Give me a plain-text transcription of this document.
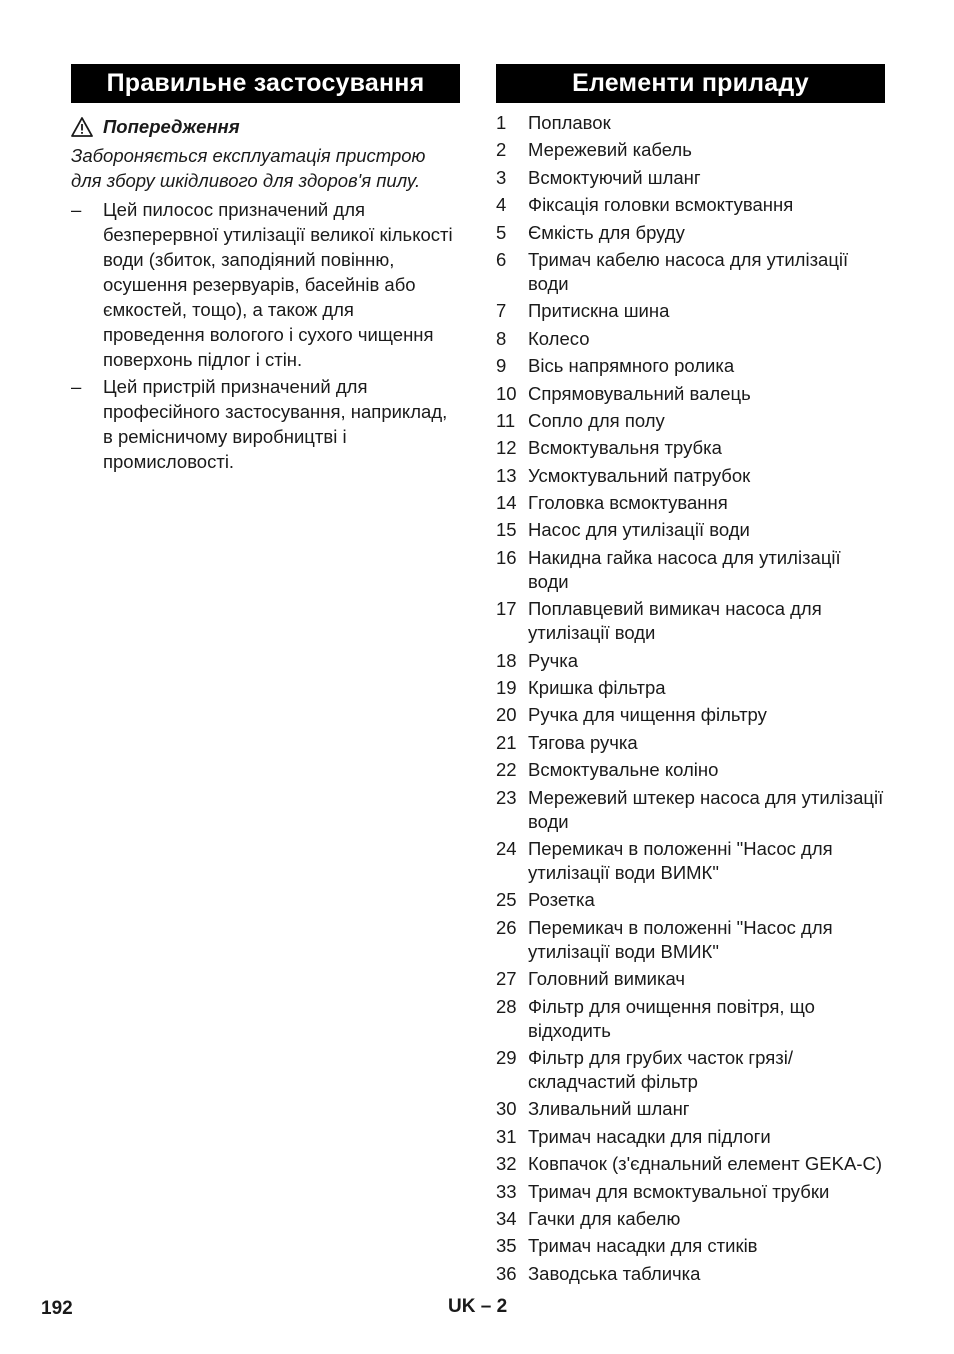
Правильне застосування
Попередження
Забороняється експлуатація пристрою для збору шкідливого для здоров'я пилу.
–	Цей пилосос призначений для безперервної утилізації великої кількості води (збиток, заподіяний повінню, осушення резервуарів, басейнів або ємкостей, тощо), а також для проведення вологого і сухого чищення поверхонь підлог і стін.
–	Цей пристрій призначений для професійного застосування, наприклад, в ремісничому виробництві і промисловості.
Елементи приладу
1	Поплавок
2	Мережевий кабель
3	Всмоктуючий шланг
4	Фіксація головки всмоктування
5	Ємкість для бруду
6	Тримач кабелю насоса для утилізації води
7	Притискна шина
8	Колесо
9	Вісь напрямного ролика
10 Спрямовувальний валець
11 Сопло для полу
12 Всмоктувальня трубка
13 Усмоктувальний патрубок
14 Гголовка всмоктування
15 Насос для утилізації води
16 Накидна гайка насоса для утилізації води
17 Поплавцевий вимикач насоса для утилізації води
18 Ручка
19 Кришка фільтра
20 Ручка для чищення фільтру
21 Тягова ручка
22 Всмоктувальне коліно
23 Мережевий штекер насоса для утилізації води
24 Перемикач в положенні "Насос для утилізації води ВИМК"
25 Розетка
26 Перемикач в положенні "Насос для утилізації води ВМИК"
27 Головний вимикач
28 Фільтр для очищення повітря, що відходить
29 Фільтр для грубих часток грязі/ складчастий фільтр
30 Зливальний шланг
31 Тримач насадки для підлоги
32 Ковпачок (з'єднальний елемент GEKA-C)
33 Тримач для всмоктувальної трубки
34 Гачки для кабелю
35 Тримач насадки для стиків
36 Заводська табличка
192	UK – 2
